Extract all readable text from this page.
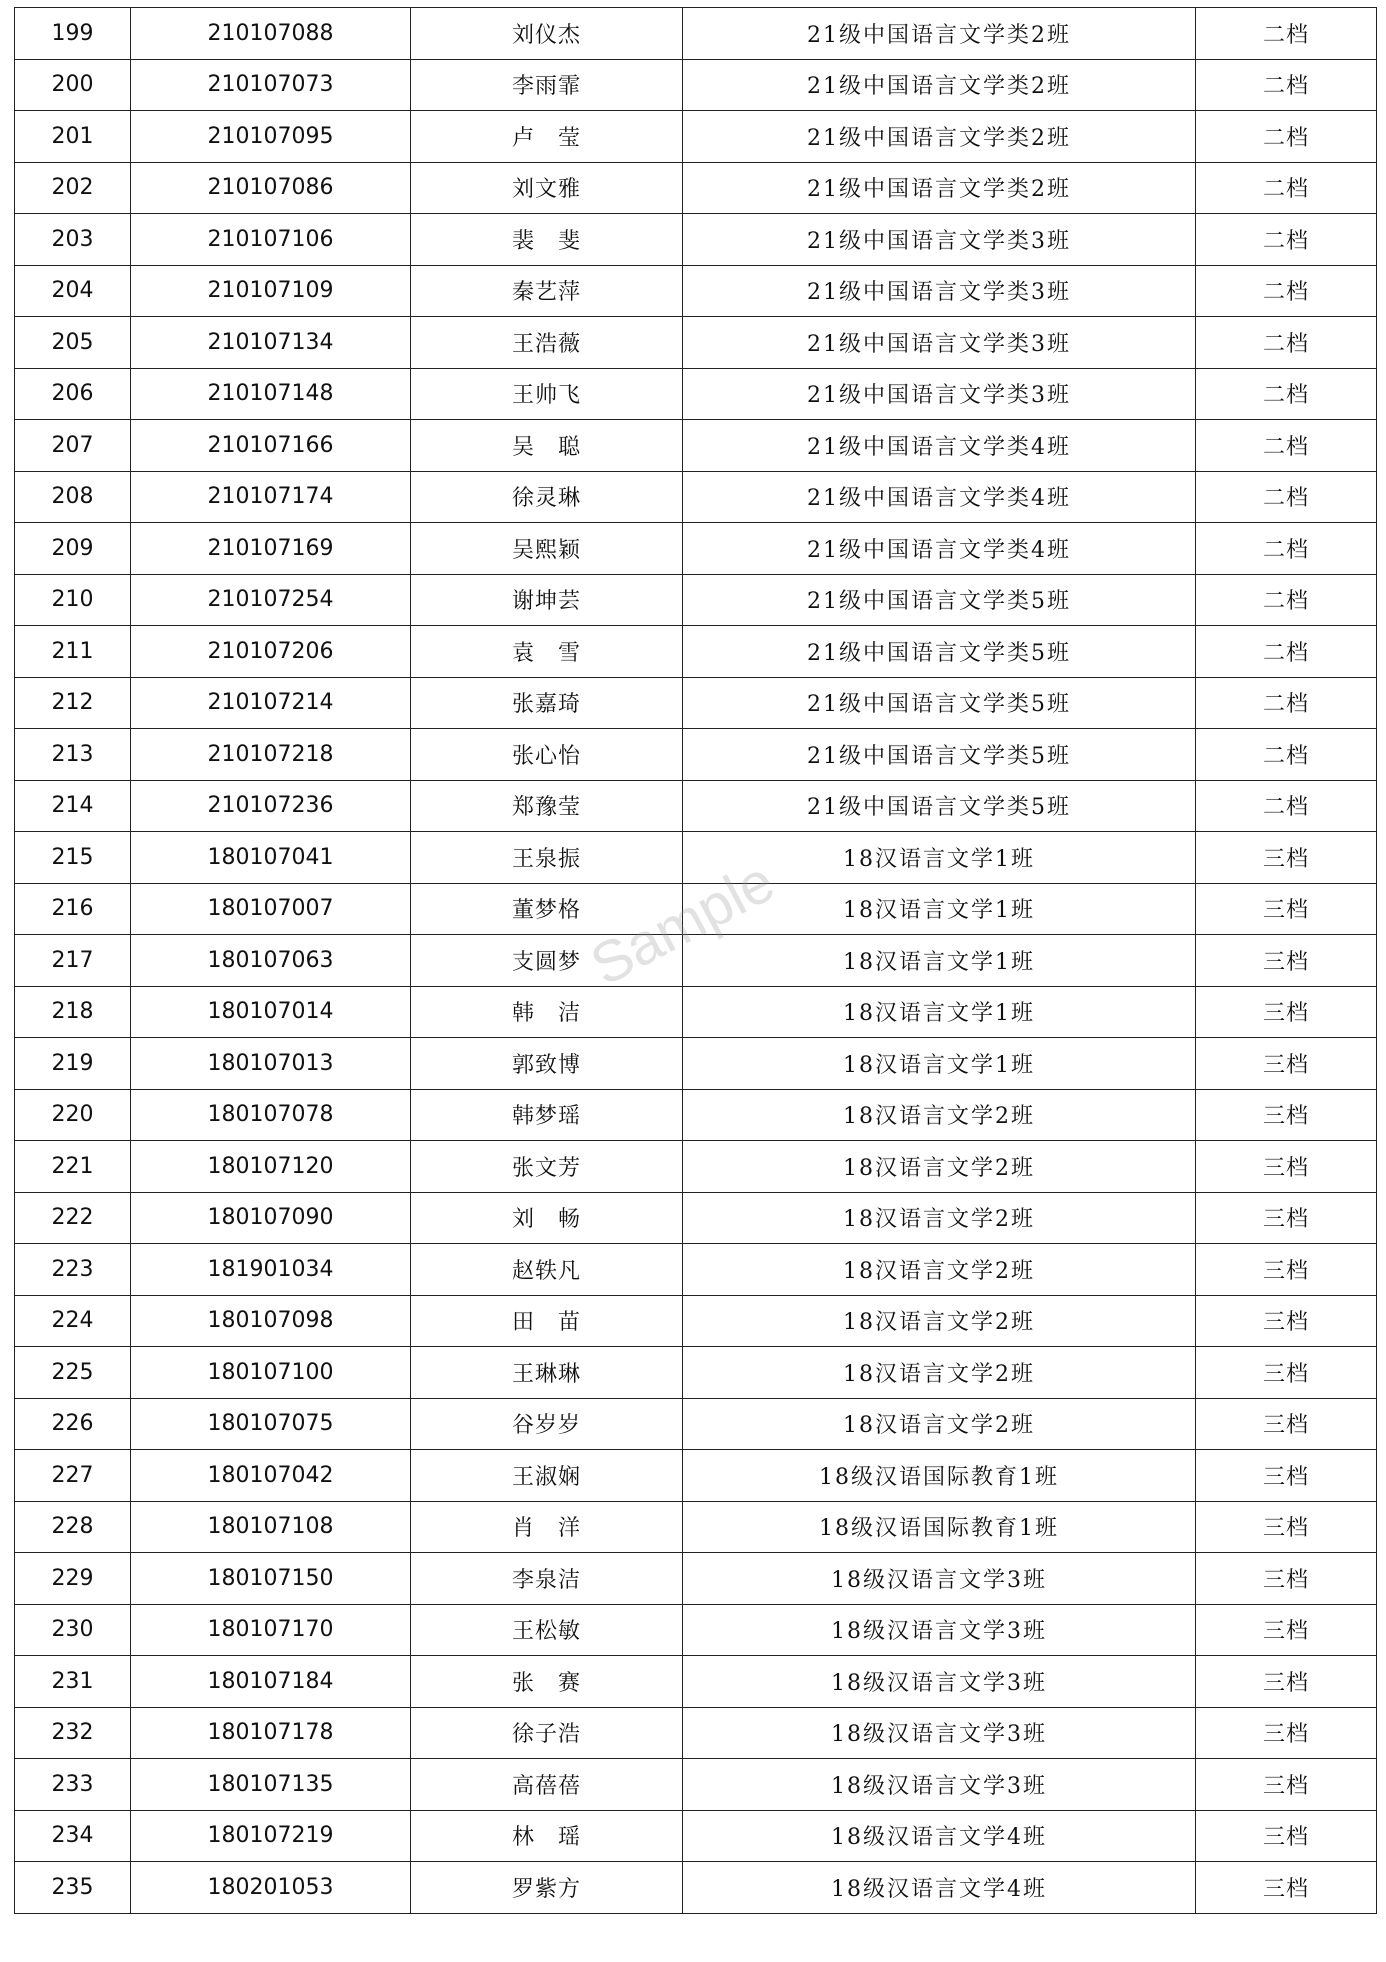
199	210107088	刘仪杰	21级中国语言文学类2班	二档
200	210107073	李雨霏	21级中国语言文学类2班	二档
201	210107095	卢　莹	21级中国语言文学类2班	二档
202	210107086	刘文雅	21级中国语言文学类2班	二档
203	210107106	裴　斐	21级中国语言文学类3班	二档
204	210107109	秦艺萍	21级中国语言文学类3班	二档
205	210107134	王浩薇	21级中国语言文学类3班	二档
206	210107148	王帅飞	21级中国语言文学类3班	二档
207	210107166	吴　聪	21级中国语言文学类4班	二档
208	210107174	徐灵琳	21级中国语言文学类4班	二档
209	210107169	吴熙颖	21级中国语言文学类4班	二档
210	210107254	谢坤芸	21级中国语言文学类5班	二档
211	210107206	袁　雪	21级中国语言文学类5班	二档
212	210107214	张嘉琦	21级中国语言文学类5班	二档
213	210107218	张心怡	21级中国语言文学类5班	二档
214	210107236	郑豫莹	21级中国语言文学类5班	二档
215	180107041	王泉振	18汉语言文学1班	三档
216	180107007	董梦格	18汉语言文学1班	三档
217	180107063	支圆梦	18汉语言文学1班	三档
218	180107014	韩　洁	18汉语言文学1班	三档
219	180107013	郭致博	18汉语言文学1班	三档
220	180107078	韩梦瑶	18汉语言文学2班	三档
221	180107120	张文芳	18汉语言文学2班	三档
222	180107090	刘　畅	18汉语言文学2班	三档
223	181901034	赵轶凡	18汉语言文学2班	三档
224	180107098	田　苗	18汉语言文学2班	三档
225	180107100	王琳琳	18汉语言文学2班	三档
226	180107075	谷岁岁	18汉语言文学2班	三档
227	180107042	王淑娴	18级汉语国际教育1班	三档
228	180107108	肖　洋	18级汉语国际教育1班	三档
229	180107150	李泉洁	18级汉语言文学3班	三档
230	180107170	王松敏	18级汉语言文学3班	三档
231	180107184	张　赛	18级汉语言文学3班	三档
232	180107178	徐子浩	18级汉语言文学3班	三档
233	180107135	高蓓蓓	18级汉语言文学3班	三档
234	180107219	林　瑶	18级汉语言文学4班	三档
235	180201053	罗紫方	18级汉语言文学4班	三档
Sample
